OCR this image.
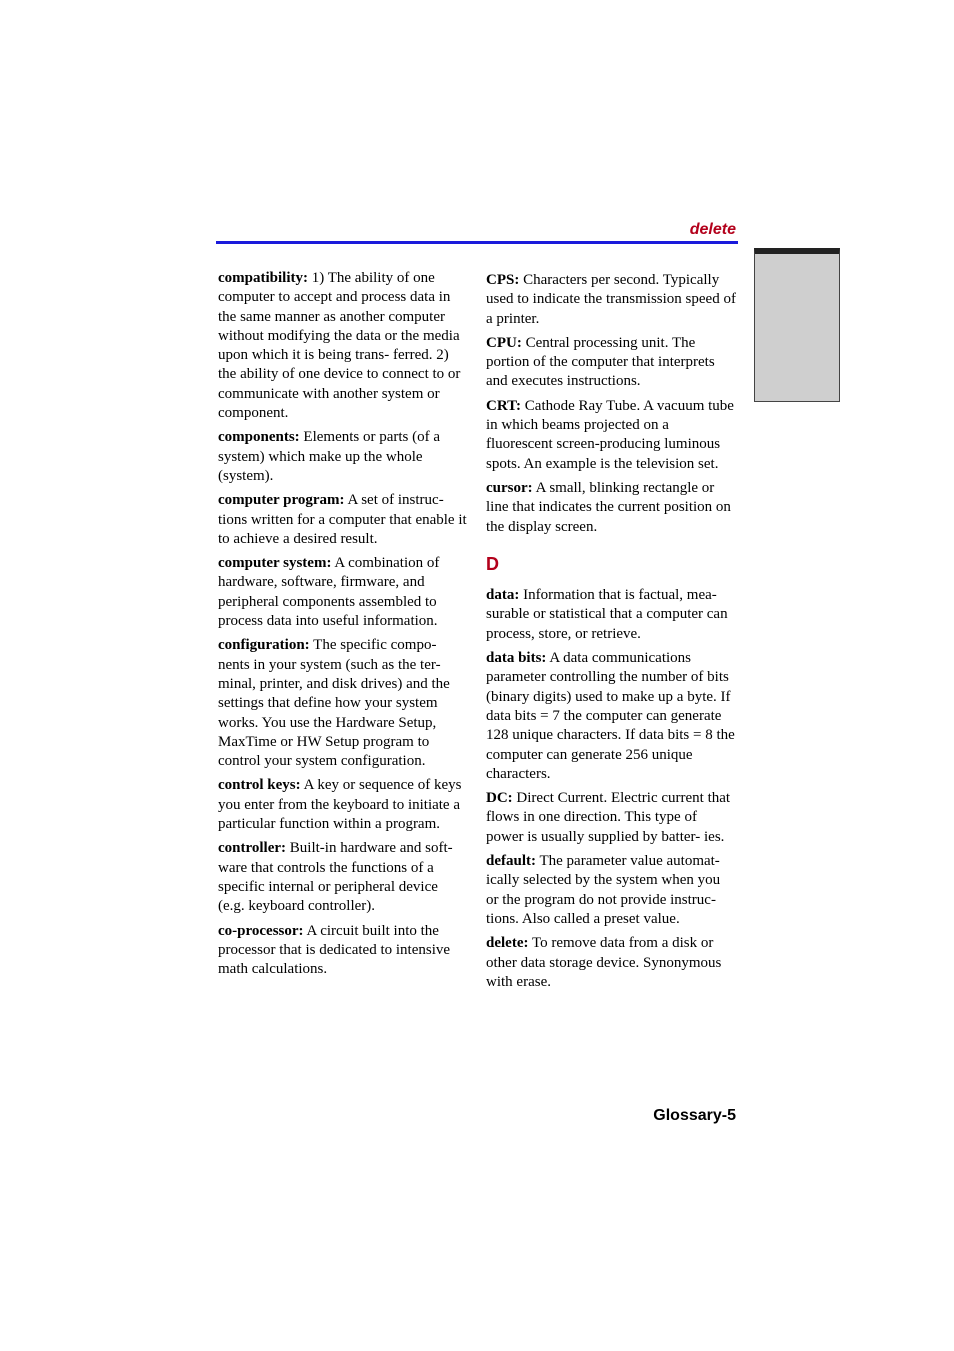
delete

compatibility: 1) The ability of one computer to accept and process data in the same manner as another computer without modifying the data or the media upon which it is being trans- ferred. 2) the ability of one device to connect to or communicate with another system or component.

components: Elements or parts (of a system) which make up the whole (system).

computer program: A set of instruc- tions written for a computer that enable it to achieve a desired result.

computer system: A combination of hardware, software, firmware, and peripheral components assembled to process data into useful information.

configuration: The specific compo- nents in your system (such as the ter- minal, printer, and disk drives) and the settings that define how your system works. You use the Hardware Setup, MaxTime or HW Setup program to control your system configuration.

control keys: A key or sequence of keys you enter from the keyboard to initiate a particular function within a program.

controller: Built-in hardware and soft- ware that controls the functions of a specific internal or peripheral device (e.g. keyboard controller).

co-processor: A circuit built into the processor that is dedicated to intensive math calculations.

CPS: Characters per second. Typically used to indicate the transmission speed of a printer.

CPU: Central processing unit. The portion of the computer that interprets and executes instructions.

CRT: Cathode Ray Tube. A vacuum tube in which beams projected on a fluorescent screen-producing luminous spots. An example is the television set.

cursor: A small, blinking rectangle or line that indicates the current position on the display screen.

D

data: Information that is factual, mea- surable or statistical that a computer can process, store, or retrieve.

data bits: A data communications parameter controlling the number of bits (binary digits) used to make up a byte. If data bits = 7 the computer can generate 128 unique characters. If data bits = 8 the computer can generate 256 unique characters.

DC: Direct Current. Electric current that flows in one direction. This type of power is usually supplied by batter- ies.

default: The parameter value automat- ically selected by the system when you or the program do not provide instruc- tions. Also called a preset value.

delete: To remove data from a disk or other data storage device. Synonymous with erase.

Glossary-5
